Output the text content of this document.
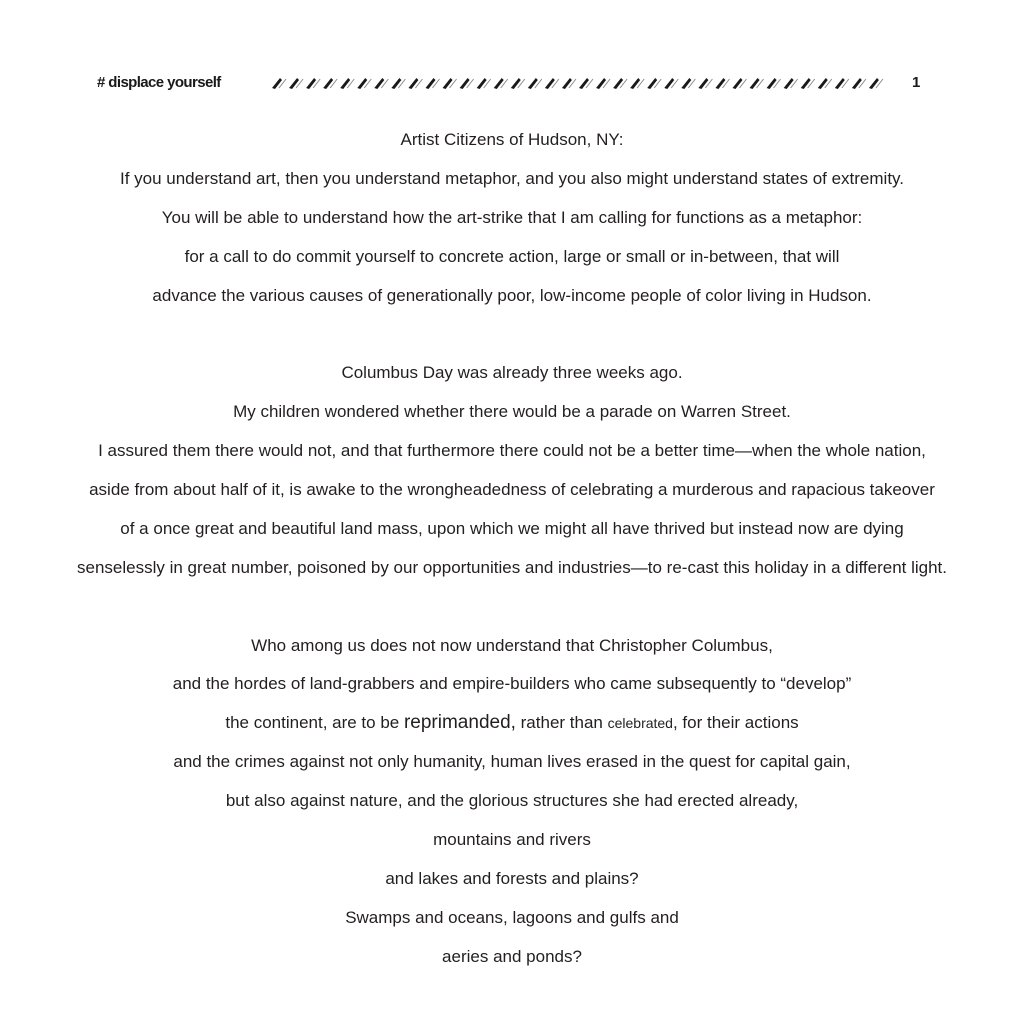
# displace yourself	1
Artist Citizens of Hudson, NY:
If you understand art, then you understand metaphor, and you also might understand states of extremity.
You will be able to understand how the art-strike that I am calling for functions as a metaphor:
for a call to do commit yourself to concrete action, large or small or in-between, that will
advance the various causes of generationally poor, low-income people of color living in Hudson.
Columbus Day was already three weeks ago.
My children wondered whether there would be a parade on Warren Street.
I assured them there would not, and that furthermore there could not be a better time—when the whole nation,
aside from about half of it, is awake to the wrongheadedness of celebrating a murderous and rapacious takeover
of a once great and beautiful land mass, upon which we might all have thrived but instead now are dying
senselessly in great number, poisoned by our opportunities and industries—to re-cast this holiday in a different light.
Who among us does not now understand that Christopher Columbus,
and the hordes of land-grabbers and empire-builders who came subsequently to “develop”
the continent, are to be reprimanded, rather than celebrated, for their actions
and the crimes against not only humanity, human lives erased in the quest for capital gain,
but also against nature, and the glorious structures she had erected already,
mountains and rivers
and lakes and forests and plains?
Swamps and oceans, lagoons and gulfs and
aeries and ponds?
